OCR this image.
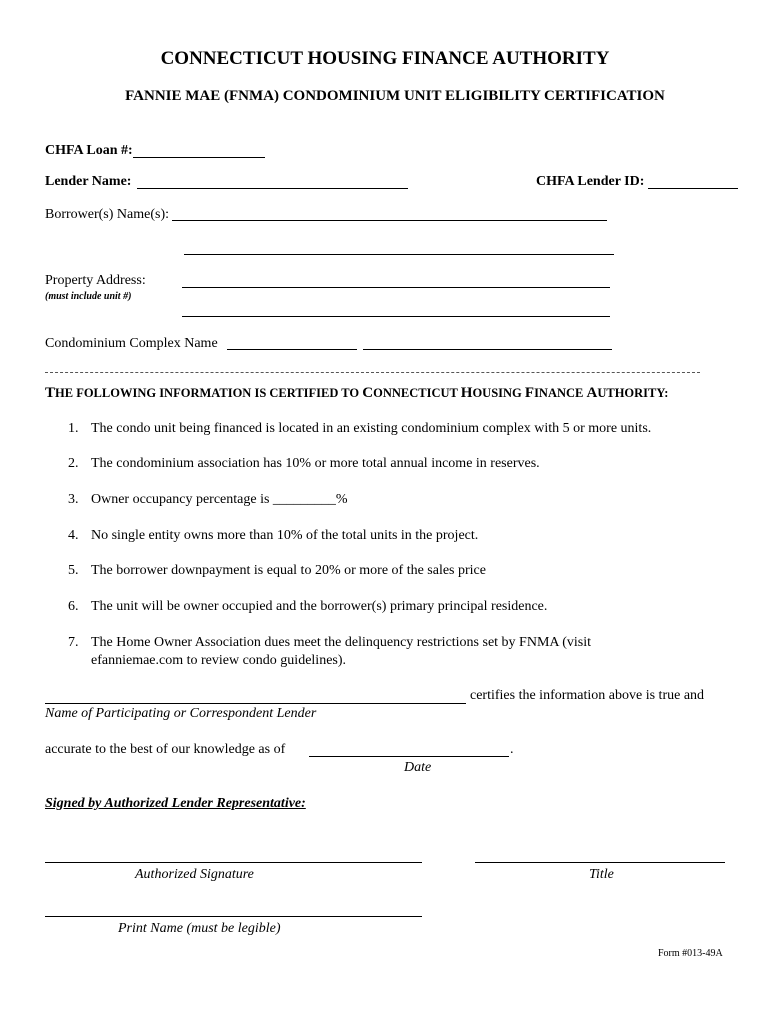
CONNECTICUT HOUSING FINANCE AUTHORITY
FANNIE MAE (FNMA) CONDOMINIUM UNIT ELIGIBILITY CERTIFICATION
CHFA Loan #:
Lender Name:	CHFA Lender ID:
Borrower(s) Name(s):
Property Address:
(must include unit #)
Condominium Complex Name
THE FOLLOWING INFORMATION IS CERTIFIED TO CONNECTICUT HOUSING FINANCE AUTHORITY:
1. The condo unit being financed is located in an existing condominium complex with 5 or more units.
2. The condominium association has 10% or more total annual income in reserves.
3. Owner occupancy percentage is _________%
4. No single entity owns more than 10% of the total units in the project.
5. The borrower downpayment is equal to 20% or more of the sales price
6. The unit will be owner occupied and the borrower(s) primary principal residence.
7. The Home Owner Association dues meet the delinquency restrictions set by FNMA (visit
efanniemae.com to review condo guidelines).
certifies the information above is true and
Name of Participating or Correspondent Lender
accurate to the best of our knowledge as of	.
Date
Signed by Authorized Lender Representative:
Authorized Signature	Title
Print Name (must be legible)
Form #013-49A
